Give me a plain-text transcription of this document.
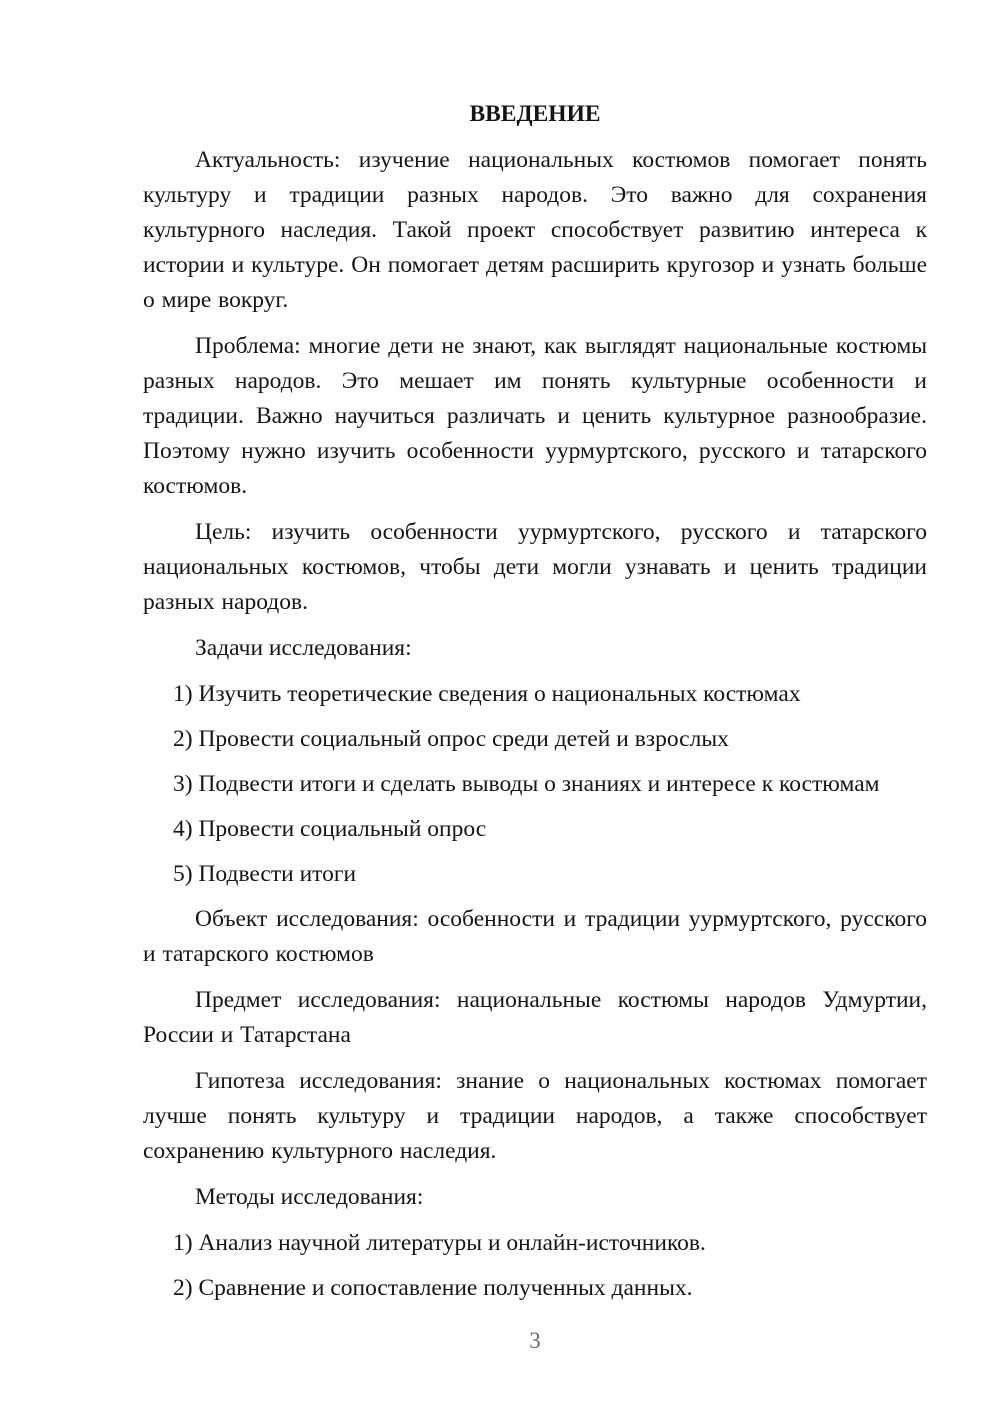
ВВЕДЕНИЕ

Актуальность: изучение национальных костюмов помогает понять культуру и традиции разных народов. Это важно для сохранения культурного наследия. Такой проект способствует развитию интереса к истории и культуре. Он помогает детям расширить кругозор и узнать больше о мире вокруг.

Проблема: многие дети не знают, как выглядят национальные костюмы разных народов. Это мешает им понять культурные особенности и традиции. Важно научиться различать и ценить культурное разнообразие. Поэтому нужно изучить особенности уурмуртского, русского и татарского костюмов.

Цель: изучить особенности уурмуртского, русского и татарского национальных костюмов, чтобы дети могли узнавать и ценить традиции разных народов.

Задачи исследования:

1) Изучить теоретические сведения о национальных костюмах

2) Провести социальный опрос среди детей и взрослых

3) Подвести итоги и сделать выводы о знаниях и интересе к костюмам

4) Провести социальный опрос

5) Подвести итоги

Объект исследования: особенности и традиции уурмуртского, русского и татарского костюмов

Предмет исследования: национальные костюмы народов Удмуртии, России и Татарстана

Гипотеза исследования: знание о национальных костюмах помогает лучше понять культуру и традиции народов, а также способствует сохранению культурного наследия.

Методы исследования:

1) Анализ научной литературы и онлайн-источников.

2) Сравнение и сопоставление полученных данных.

3
